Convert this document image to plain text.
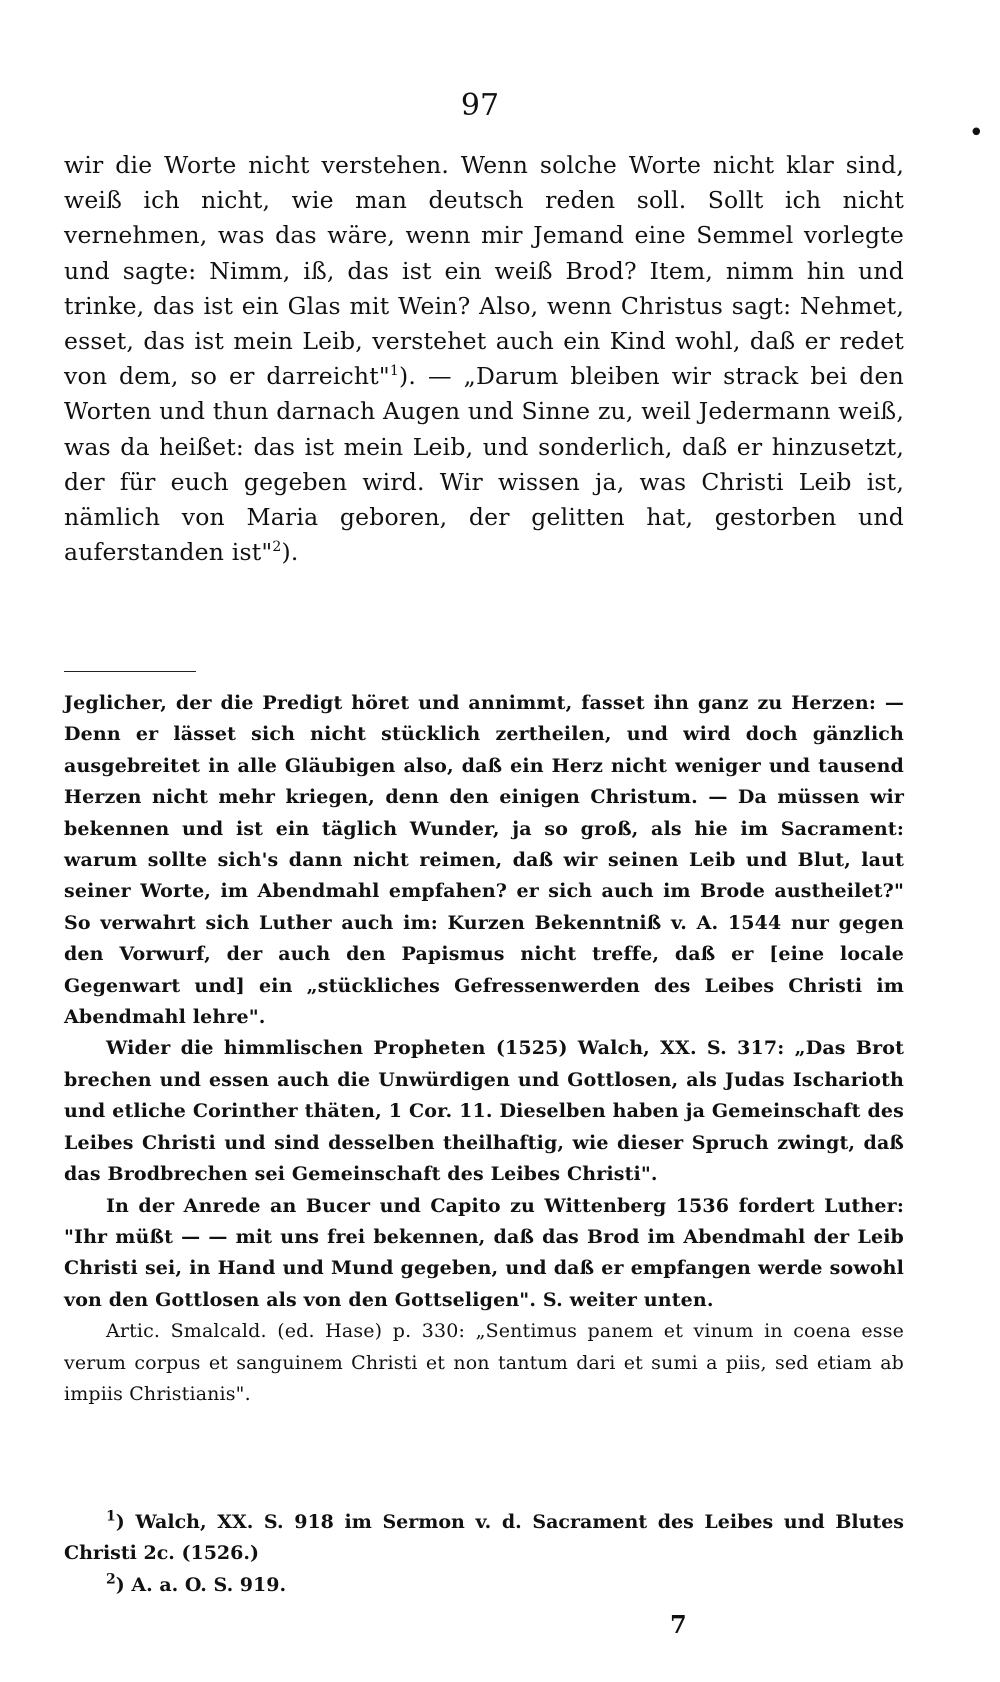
97
•

wir die Worte nicht verstehen. Wenn solche Worte nicht klar sind, weiß ich nicht, wie man deutsch reden soll. Sollt ich nicht vernehmen, was das wäre, wenn mir Jemand eine Semmel vorlegte und sagte: Nimm, iß, das ist ein weiß Brod? Item, nimm hin und trinke, das ist ein Glas mit Wein? Also, wenn Christus sagt: Nehmet, esset, das ist mein Leib, verstehet auch ein Kind wohl, daß er redet von dem, so er darreicht"$^1$). — „Darum bleiben wir strack bei den Worten und thun darnach Augen und Sinne zu, weil Jedermann weiß, was da heißet: das ist mein Leib, und sonderlich, daß er hinzusetzt, der für euch gegeben wird. Wir wissen ja, was Christi Leib ist, nämlich von Maria geboren, der gelitten hat, gestorben und auferstanden ist"$^2$).

Jeglicher, der die Predigt höret und annimmt, fasset ihn ganz zu Herzen: — Denn er lässet sich nicht stücklich zertheilen, und wird doch gänzlich ausgebreitet in alle Gläubigen also, daß ein Herz nicht weniger und tausend Herzen nicht mehr kriegen, denn den einigen Christum. — Da müssen wir bekennen und ist ein täglich Wunder, ja so groß, als hie im Sacrament: warum sollte sich's dann nicht reimen, daß wir seinen Leib und Blut, laut seiner Worte, im Abendmahl empfahen? er sich auch im Brode austheilet?" So verwahrt sich Luther auch im: Kurzen Bekenntniß v. A. 1544 nur gegen den Vorwurf, der auch den Papismus nicht treffe, daß er [eine locale Gegenwart und] ein „stückliches Gefressenwerden des Leibes Christi im Abendmahl lehre".

Wider die himmlischen Propheten (1525) Walch, XX. S. 317: „Das Brot brechen und essen auch die Unwürdigen und Gottlosen, als Judas Ischarioth und etliche Corinther thäten, 1 Cor. 11. Dieselben haben ja Gemeinschaft des Leibes Christi und sind desselben theilhaftig, wie dieser Spruch zwingt, daß das Brodbrechen sei Gemeinschaft des Leibes Christi".

In der Anrede an Bucer und Capito zu Wittenberg 1536 fordert Luther: "Ihr müßt — — mit uns frei bekennen, daß das Brod im Abendmahl der Leib Christi sei, in Hand und Mund gegeben, und daß er empfangen werde sowohl von den Gottlosen als von den Gottseligen". S. weiter unten.

Artic. Smalcald. (ed. Hase) p. 330: „Sentimus panem et vinum in coena esse verum corpus et sanguinem Christi et non tantum dari et sumi a piis, sed etiam ab impiis Christianis".

$^1$) Walch, XX. S. 918 im Sermon v. d. Sacrament des Leibes und Blutes Christi 2c. (1526.)

$^2$) A. a. O. S. 919.

7
